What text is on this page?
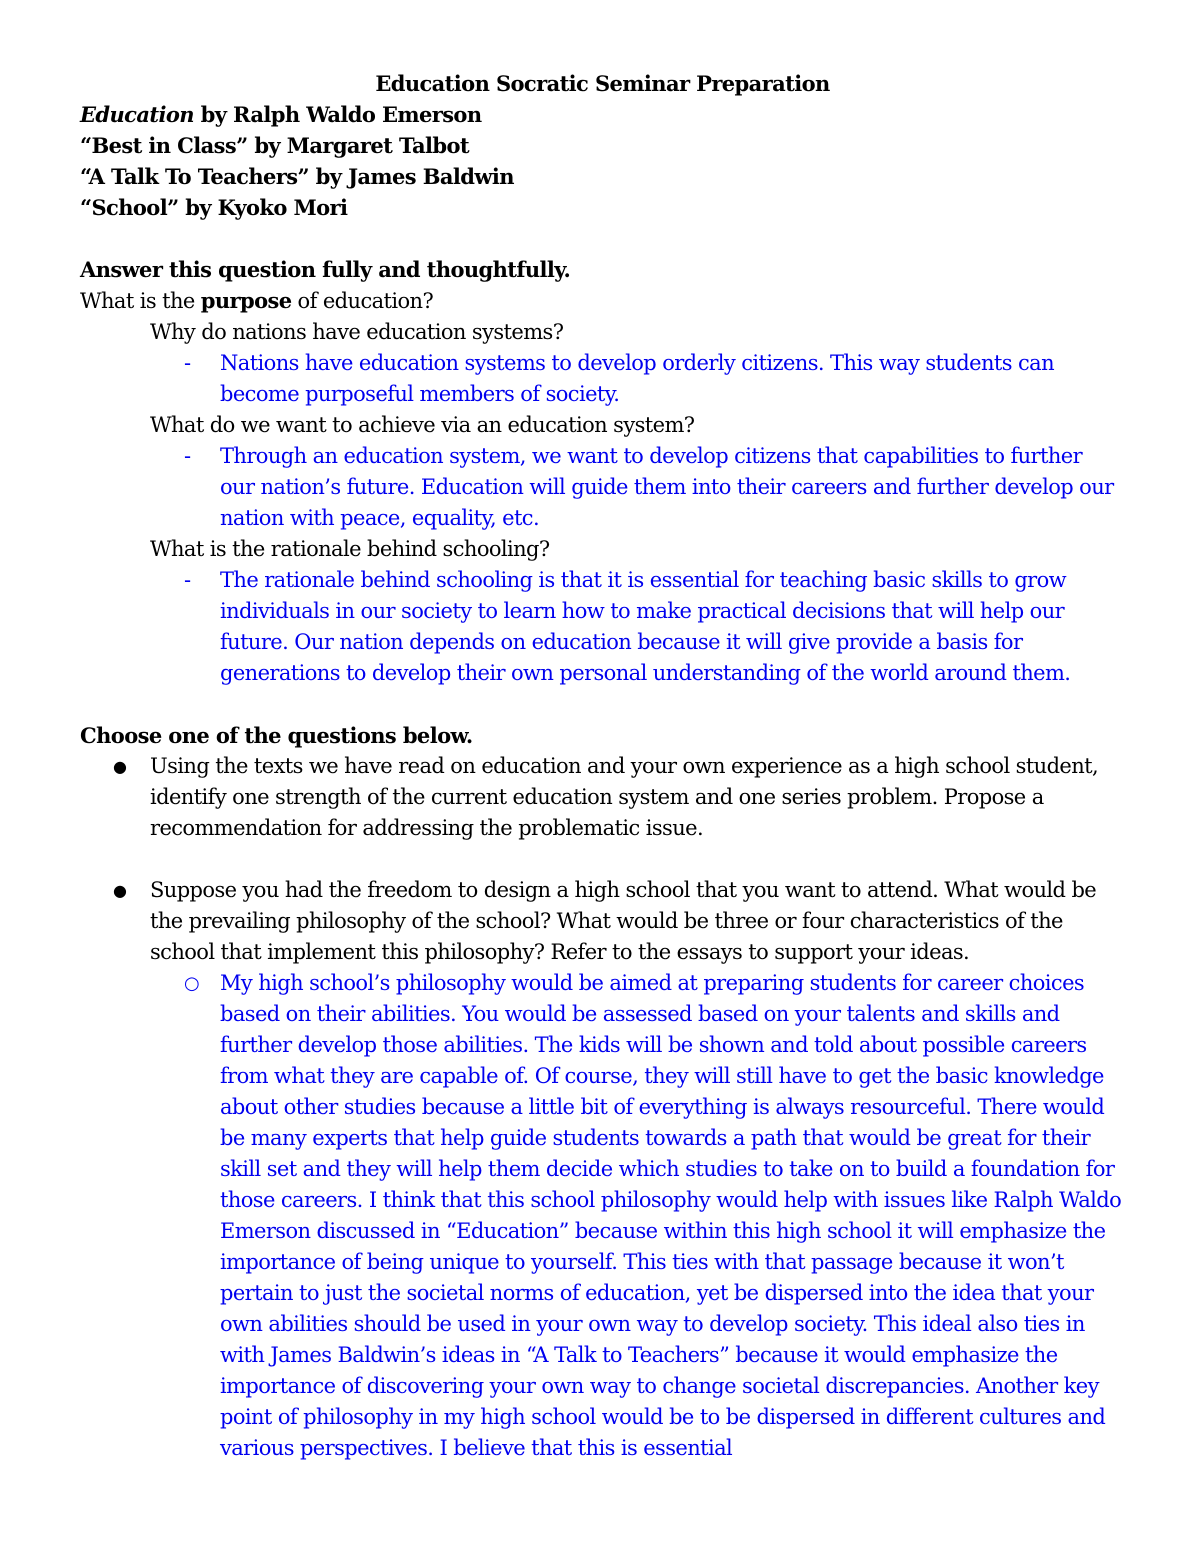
Education Socratic Seminar Preparation
Education by Ralph Waldo Emerson
“Best in Class” by Margaret Talbot
“A Talk To Teachers” by James Baldwin
“School” by Kyoko Mori
Answer this question fully and thoughtfully.
What is the purpose of education?
Why do nations have education systems?
- Nations have education systems to develop orderly citizens. This way students can become purposeful members of society.
What do we want to achieve via an education system?
- Through an education system, we want to develop citizens that capabilities to further our nation’s future. Education will guide them into their careers and further develop our nation with peace, equality, etc.
What is the rationale behind schooling?
- The rationale behind schooling is that it is essential for teaching basic skills to grow individuals in our society to learn how to make practical decisions that will help our future. Our nation depends on education because it will give provide a basis for generations to develop their own personal understanding of the world around them.
Choose one of the questions below.
● Using the texts we have read on education and your own experience as a high school student, identify one strength of the current education system and one series problem. Propose a recommendation for addressing the problematic issue.
● Suppose you had the freedom to design a high school that you want to attend. What would be the prevailing philosophy of the school? What would be three or four characteristics of the school that implement this philosophy? Refer to the essays to support your ideas.
○ My high school’s philosophy would be aimed at preparing students for career choices based on their abilities. You would be assessed based on your talents and skills and further develop those abilities. The kids will be shown and told about possible careers from what they are capable of. Of course, they will still have to get the basic knowledge about other studies because a little bit of everything is always resourceful. There would be many experts that help guide students towards a path that would be great for their skill set and they will help them decide which studies to take on to build a foundation for those careers. I think that this school philosophy would help with issues like Ralph Waldo Emerson discussed in “Education” because within this high school it will emphasize the importance of being unique to yourself. This ties with that passage because it won’t pertain to just the societal norms of education, yet be dispersed into the idea that your own abilities should be used in your own way to develop society. This ideal also ties in with James Baldwin’s ideas in “A Talk to Teachers” because it would emphasize the importance of discovering your own way to change societal discrepancies. Another key point of philosophy in my high school would be to be dispersed in different cultures and various perspectives. I believe that this is essential
